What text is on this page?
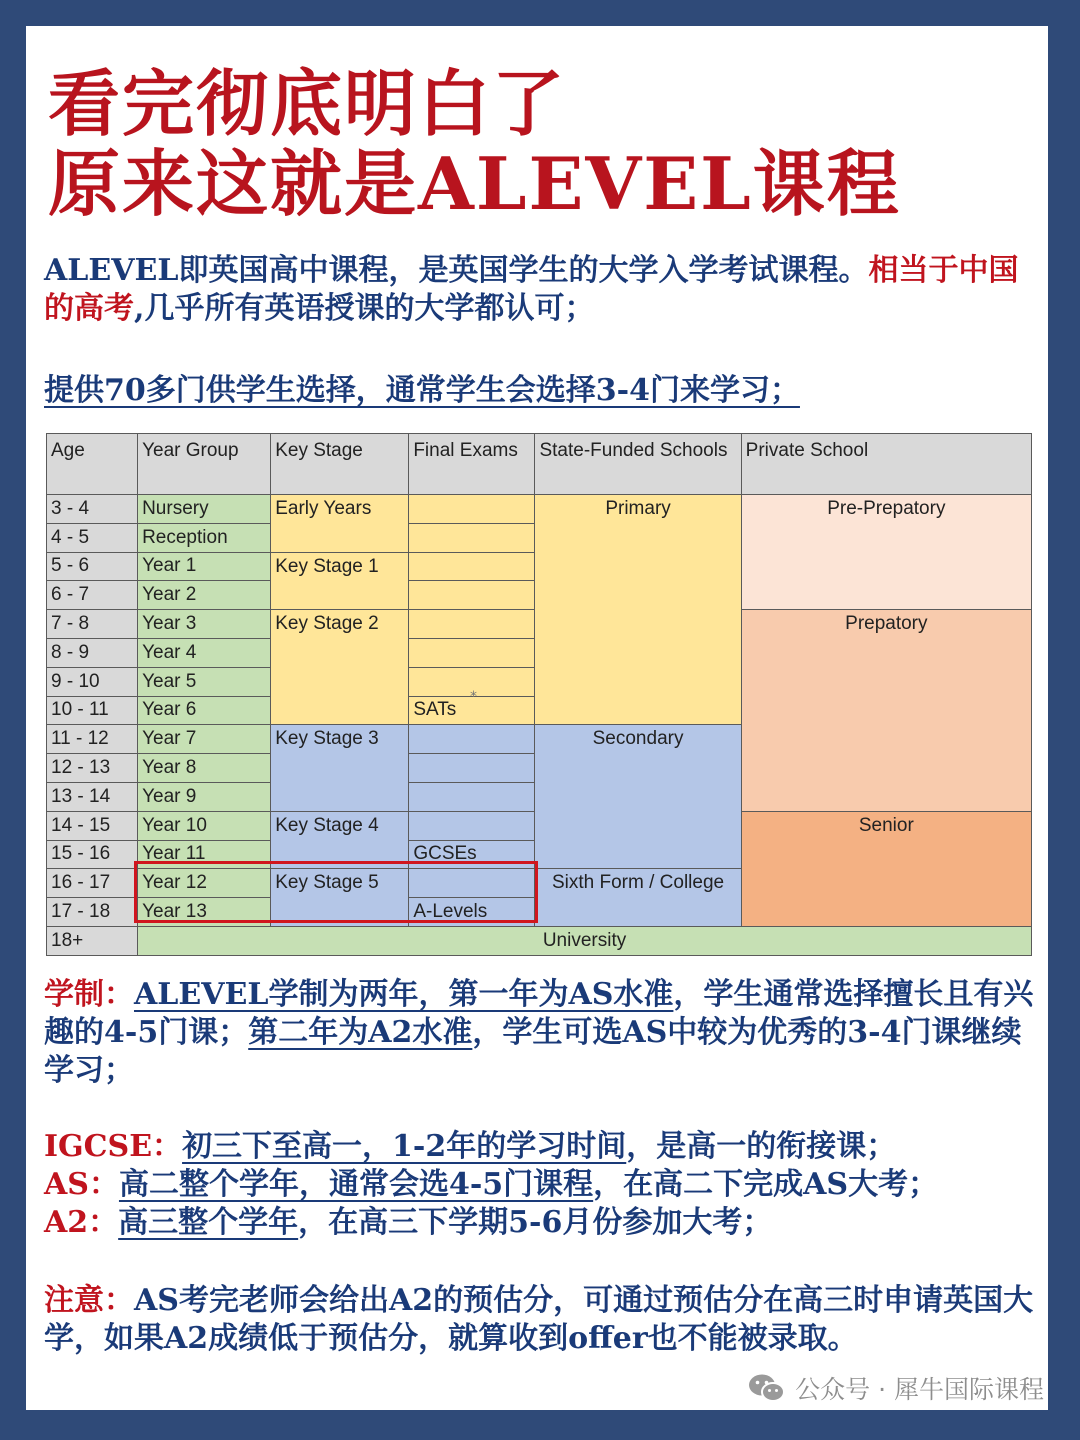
看完彻底明白了
原来这就是ALEVEL课程
ALEVEL即英国高中课程，是英国学生的大学入学考试课程。相当于中国的高考,几乎所有英语授课的大学都认可；
提供70多门供学生选择，通常学生会选择3-4门来学习；
Age	Year Group	Key Stage	Final Exams	State-Funded Schools	Private School
3 - 4	Nursery	Early Years		Primary	Pre-Prepatory
4 - 5	Reception				
5 - 6	Year 1	Key Stage 1			
6 - 7	Year 2				
7 - 8	Year 3	Key Stage 2			Prepatory
8 - 9	Year 4				
9 - 10	Year 5				
10 - 11	Year 6		SATs		
11 - 12	Year 7	Key Stage 3		Secondary	
12 - 13	Year 8				
13 - 14	Year 9				
14 - 15	Year 10	Key Stage 4			Senior
15 - 16	Year 11		GCSEs		
16 - 17	Year 12	Key Stage 5		Sixth Form / College	
17 - 18	Year 13		A-Levels		
18+	University				
*
学制：ALEVEL学制为两年，第一年为AS水准，学生通常选择擅长且有兴趣的4-5门课；第二年为A2水准，学生可选AS中较为优秀的3-4门课继续学习；
IGCSE：初三下至高一，1-2年的学习时间，是高一的衔接课；
AS：高二整个学年，通常会选4-5门课程，在高二下完成AS大考；
A2：高三整个学年，在高三下学期5-6月份参加大考；
注意：AS考完老师会给出A2的预估分，可通过预估分在高三时申请英国大学，如果A2成绩低于预估分，就算收到offer也不能被录取。
公众号 · 犀牛国际课程
